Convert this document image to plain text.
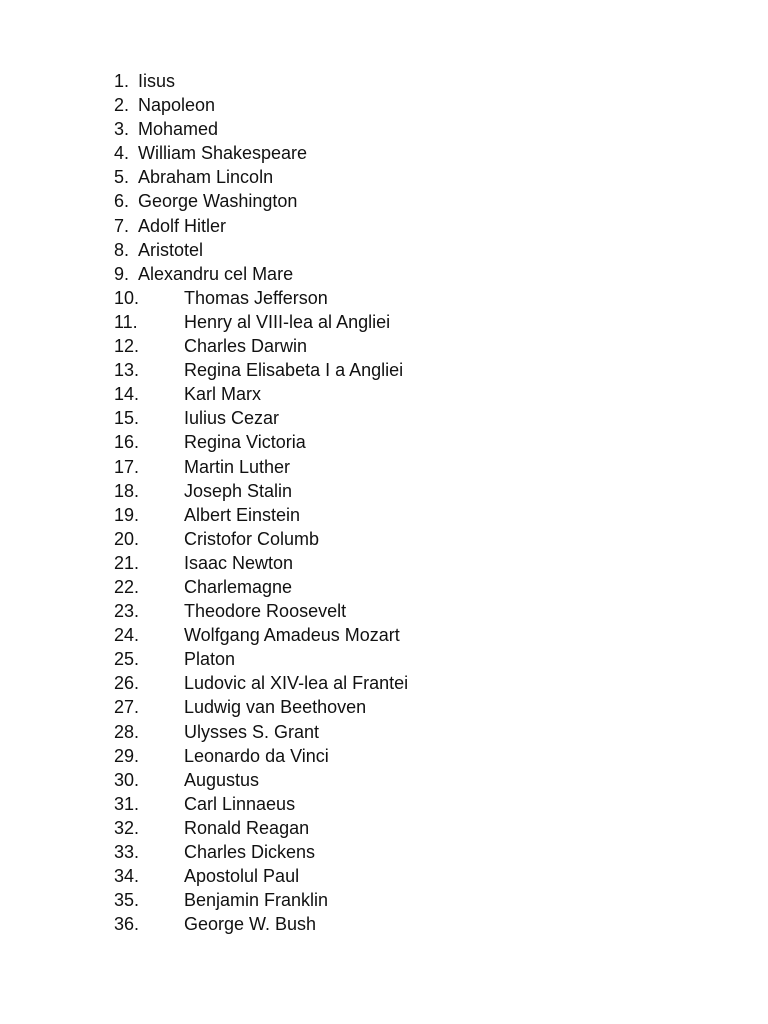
1. Iisus
2. Napoleon
3. Mohamed
4. William Shakespeare
5. Abraham Lincoln
6. George Washington
7. Adolf Hitler
8. Aristotel
9. Alexandru cel Mare
10. Thomas Jefferson
11.	Henry al VIII-lea al Angliei
12. Charles Darwin
13. Regina Elisabeta I a Angliei
14. Karl Marx
15. Iulius Cezar
16. Regina Victoria
17. Martin Luther
18. Joseph Stalin
19. Albert Einstein
20. Cristofor Columb
21. Isaac Newton
22. Charlemagne
23. Theodore Roosevelt
24. Wolfgang Amadeus Mozart
25. Platon
26. Ludovic al XIV-lea al Frantei
27. Ludwig van Beethoven
28. Ulysses S. Grant
29. Leonardo da Vinci
30. Augustus
31. Carl Linnaeus
32. Ronald Reagan
33. Charles Dickens
34. Apostolul Paul
35. Benjamin Franklin
36. George W. Bush
